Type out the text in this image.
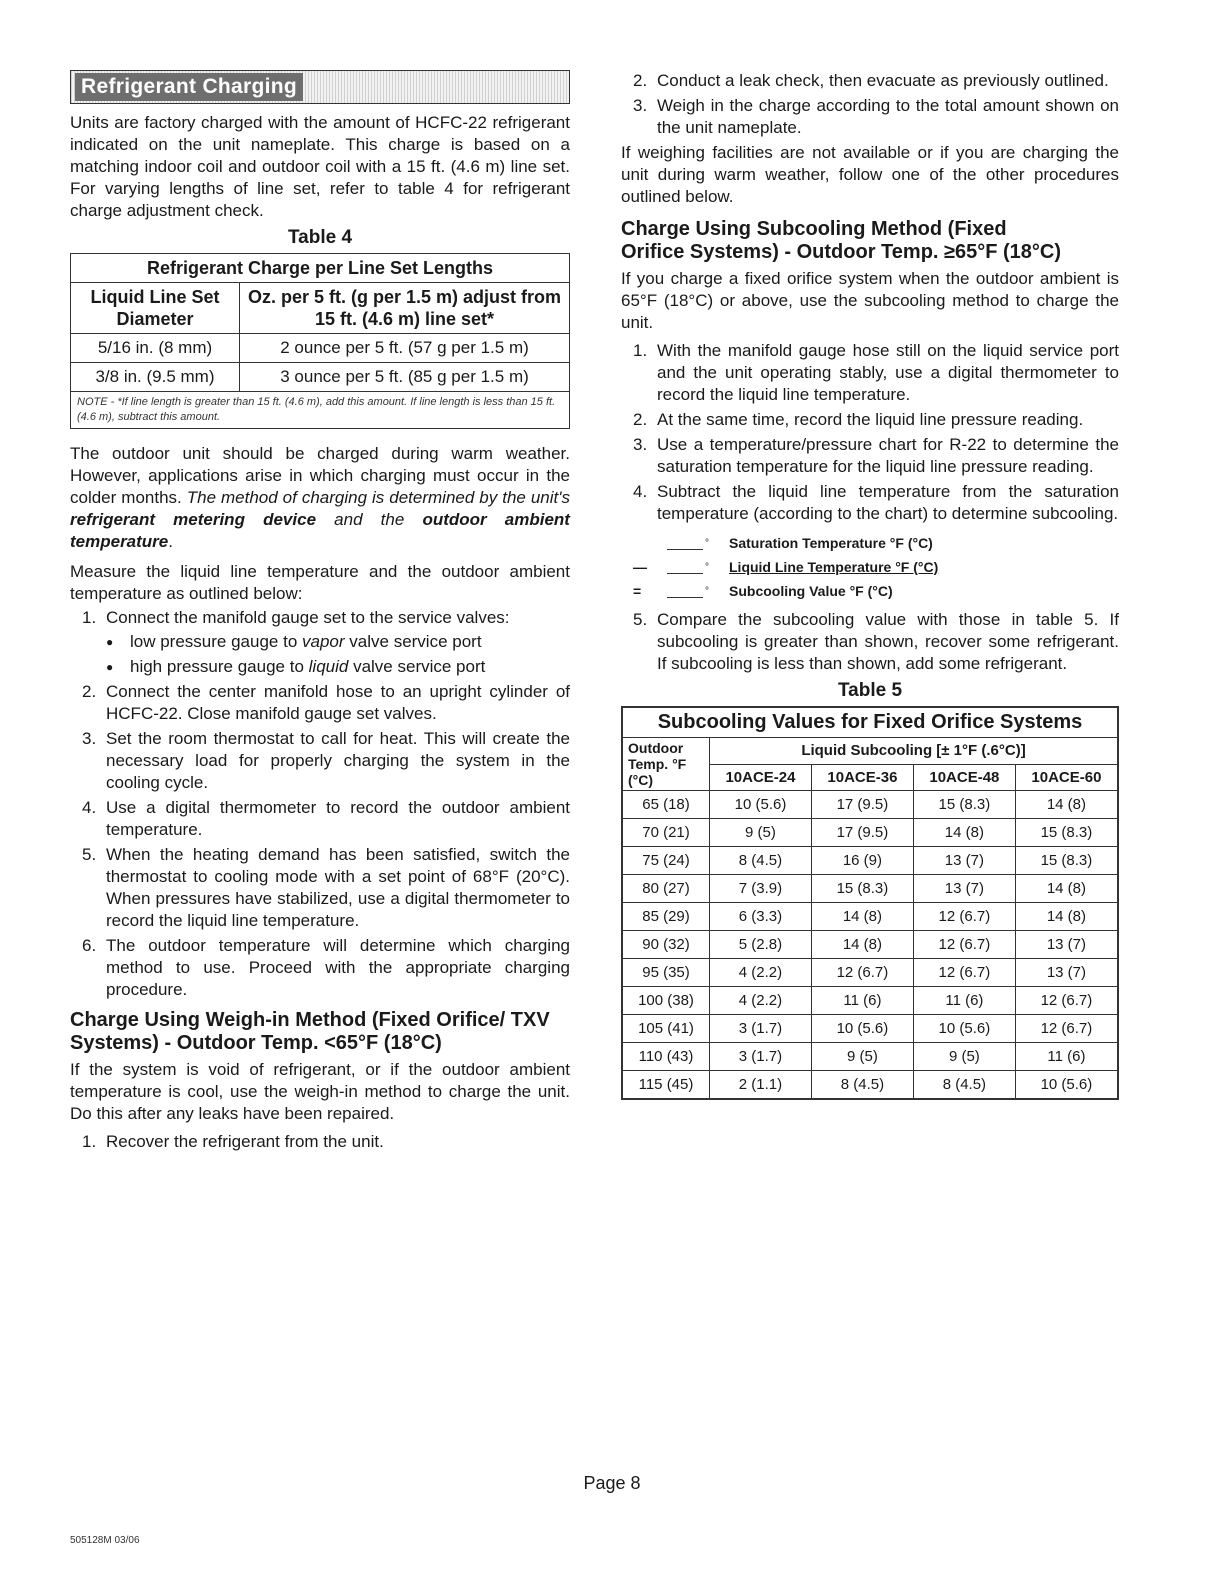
Refrigerant Charging

Units are factory charged with the amount of HCFC-22 refrigerant indicated on the unit nameplate. This charge is based on a matching indoor coil and outdoor coil with a 15 ft. (4.6 m) line set. For varying lengths of line set, refer to table 4 for refrigerant charge adjustment check.

Table 4
Refrigerant Charge per Line Set Lengths	
Liquid Line Set Diameter	Oz. per 5 ft. (g per 1.5 m) adjust from 15 ft. (4.6 m) line set*
5/16 in. (8 mm)	2 ounce per 5 ft. (57 g per 1.5 m)
3/8 in. (9.5 mm)	3 ounce per 5 ft. (85 g per 1.5 m)
NOTE - *If line length is greater than 15 ft. (4.6 m), add this amount. If line length is less than 15 ft. (4.6 m), subtract this amount.	

The outdoor unit should be charged during warm weather. However, applications arise in which charging must occur in the colder months. The method of charging is determined by the unit's refrigerant metering device and the outdoor ambient temperature.

Measure the liquid line temperature and the outdoor ambient temperature as outlined below:

1. Connect the manifold gauge set to the service valves:
● low pressure gauge to vapor valve service port
● high pressure gauge to liquid valve service port
2. Connect the center manifold hose to an upright cylinder of HCFC-22. Close manifold gauge set valves.
3. Set the room thermostat to call for heat. This will create the necessary load for properly charging the system in the cooling cycle.
4. Use a digital thermometer to record the outdoor ambient temperature.
5. When the heating demand has been satisfied, switch the thermostat to cooling mode with a set point of 68°F (20°C). When pressures have stabilized, use a digital thermometer to record the liquid line temperature.
6. The outdoor temperature will determine which charging method to use. Proceed with the appropriate charging procedure.
Charge Using Weigh-in Method (Fixed Orifice/ TXV Systems) - Outdoor Temp. <65°F (18°C)

If the system is void of refrigerant, or if the outdoor ambient temperature is cool, use the weigh-in method to charge the unit. Do this after any leaks have been repaired.

1. Recover the refrigerant from the unit.
2. Conduct a leak check, then evacuate as previously outlined.
3. Weigh in the charge according to the total amount shown on the unit nameplate.

If weighing facilities are not available or if you are charging the unit during warm weather, follow one of the other procedures outlined below.

Charge Using Subcooling Method (Fixed
Orifice Systems) - Outdoor Temp. ≥65°F (18°C)

If you charge a fixed orifice system when the outdoor ambient is 65°F (18°C) or above, use the subcooling method to charge the unit.

1. With the manifold gauge hose still on the liquid service port and the unit operating stably, use a digital thermometer to record the liquid line temperature.
2. At the same time, record the liquid line pressure reading.
3. Use a temperature/pressure chart for R-22 to determine the saturation temperature for the liquid line pressure reading.
4. Subtract the liquid line temperature from the saturation temperature (according to the chart) to determine subcooling.
°	Saturation Temperature °F (°C)
—	°	Liquid Line Temperature °F (°C)
=	°	Subcooling Value °F (°C)
5. Compare the subcooling value with those in table 5. If subcooling is greater than shown, recover some refrigerant. If subcooling is less than shown, add some refrigerant.
Table 5
Subcooling Values for Fixed Orifice Systems				
Outdoor Temp. °F (°C)	Liquid Subcooling [± 1°F (.6°C)]			
	10ACE-24	10ACE-36	10ACE-48	10ACE-60
65 (18)	10 (5.6)	17 (9.5)	15 (8.3)	14 (8)
70 (21)	9 (5)	17 (9.5)	14 (8)	15 (8.3)
75 (24)	8 (4.5)	16 (9)	13 (7)	15 (8.3)
80 (27)	7 (3.9)	15 (8.3)	13 (7)	14 (8)
85 (29)	6 (3.3)	14 (8)	12 (6.7)	14 (8)
90 (32)	5 (2.8)	14 (8)	12 (6.7)	13 (7)
95 (35)	4 (2.2)	12 (6.7)	12 (6.7)	13 (7)
100 (38)	4 (2.2)	11 (6)	11 (6)	12 (6.7)
105 (41)	3 (1.7)	10 (5.6)	10 (5.6)	12 (6.7)
110 (43)	3 (1.7)	9 (5)	9 (5)	11 (6)
115 (45)	2 (1.1)	8 (4.5)	8 (4.5)	10 (5.6)
Page 8
505128M 03/06
